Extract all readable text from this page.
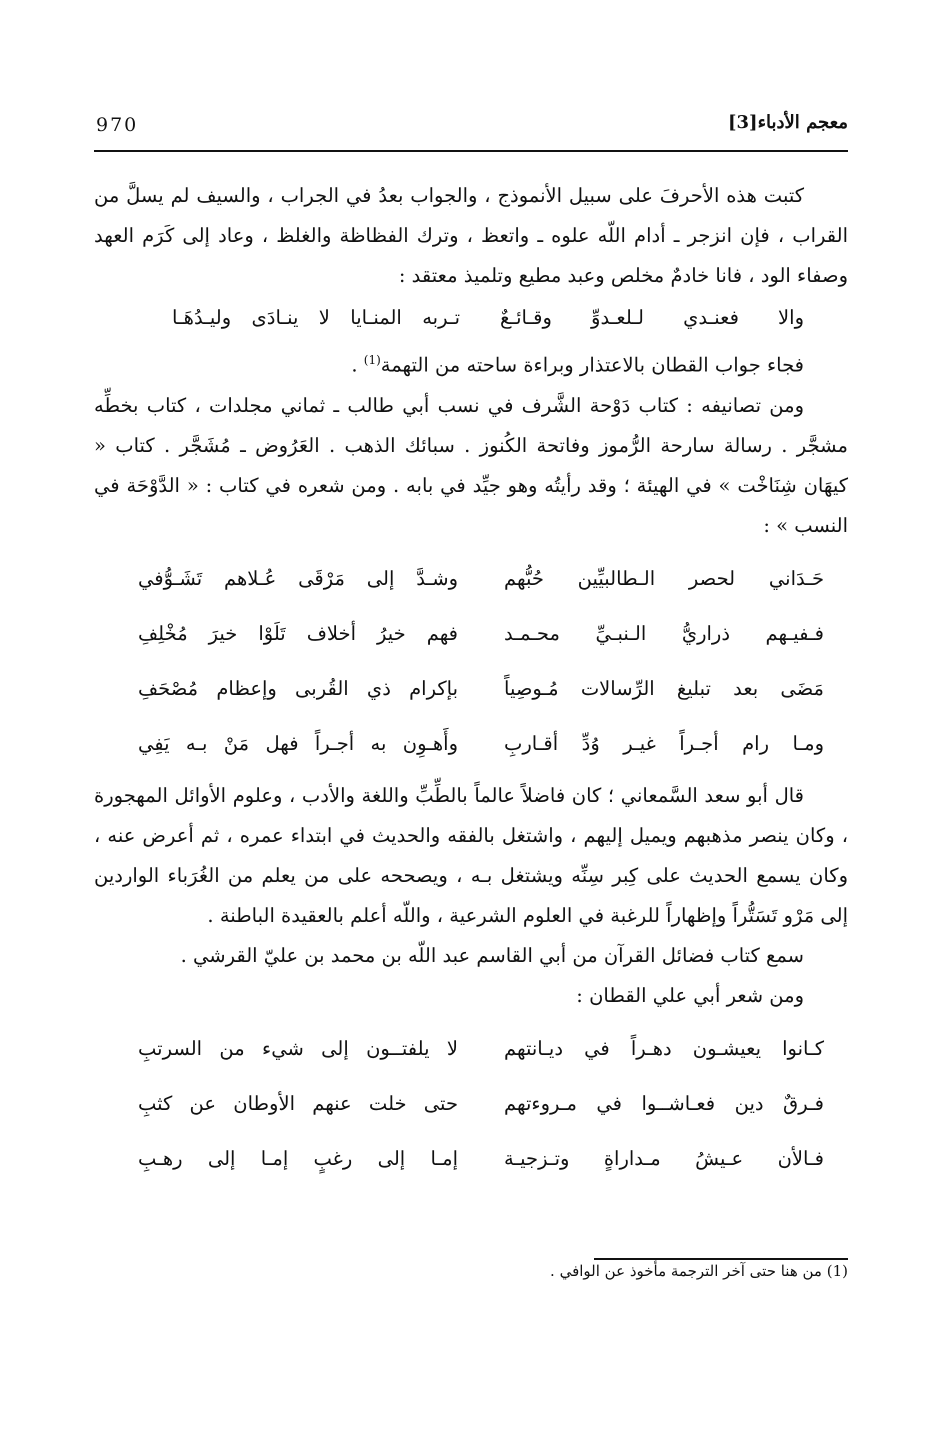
معجم الأدباء[3]
970

كتبت هذه الأحرفَ على سبيل الأنموذج ، والجواب بعدُ في الجراب ، والسيف لم يسلَّ من القراب ، فإن انزجر ـ أدام اللّه علوه ـ واتعظ ، وترك الفظاظة والغلظ ، وعاد إلى كَرَم العهد وصفاء الود ، فانا خادمٌ مخلص وعبد مطيع وتلميذ معتقد :

والا فعنـدي لـلعـدوِّ وقـائـعٌ
تـربه المنـايا لا ينـادَى وليـدُهَـا

فجاء جواب القطان بالاعتذار وبراءة ساحته من التهمة$^{(1)}$ .

ومن تصانيفه : كتاب دَوْحة الشَّرف في نسب أبي طالب ـ ثماني مجلدات ، كتاب بخطِّه مشجَّر . رسالة سارحة الرُّموز وفاتحة الكُنوز . سبائك الذهب . العَرُوض ـ مُشَجَّر . كتاب « كيهَان شِنَاخْت » في الهيئة ؛ وقد رأيتُه وهو جيِّد في بابه . ومن شعره في كتاب : « الدَّوْحَة في النسب » :

حَـدَاني لحصر الـطالبيِّين حُبُّهم
وشـدَّ إلى مَرْقَى عُـلاهم تَشَـوُّفي
فـفيـهم ذراريُّ الـنبـيِّ محـمـد
فهم خيرُ أخلاف تَلَوْا خيرَ مُخْلِفِ
مَضَى بعد تبليغ الرِّسالات مُـوصِياً
بإكرام ذي القُربى وإعظام مُصْحَفِ
ومـا رام أجـراً غيـر وُدِّ أقـاربِ
وأَهـوِن به أجـراً فهل مَنْ بـه يَفِي

قال أبو سعد السَّمعاني ؛ كان فاضلاً عالماً بالطِّبِّ واللغة والأدب ، وعلوم الأوائل المهجورة ، وكان ينصر مذهبهم ويميل إليهم ، واشتغل بالفقه والحديث في ابتداء عمره ، ثم أعرض عنه ، وكان يسمع الحديث على كِبر سِنِّه ويشتغل بـه ، ويصححه على من يعلم من الغُرَباء الواردين إلى مَرْو تَسَتُّراً وإظهاراً للرغبة في العلوم الشرعية ، واللّه أعلم بالعقيدة الباطنة .

سمع كتاب فضائل القرآن من أبي القاسم عبد اللّه بن محمد بن عليّ القرشي .

ومن شعر أبي علي القطان :

كـانوا يعيشـون دهـراً في ديـانتهم
لا يلفتــون إلى شيء من السرتبِ
فـرقٌ دين فعـاشــوا في مـروءتهم
حتى خلت عنهم الأوطان عن كثبِ
فـالأن عـيشُ مـداراةٍ وتـزجيـة
إمـا إلى رغبٍ إمـا إلى رهـبِ
(1) من هنا حتى آخر الترجمة مأخوذ عن الوافي .
